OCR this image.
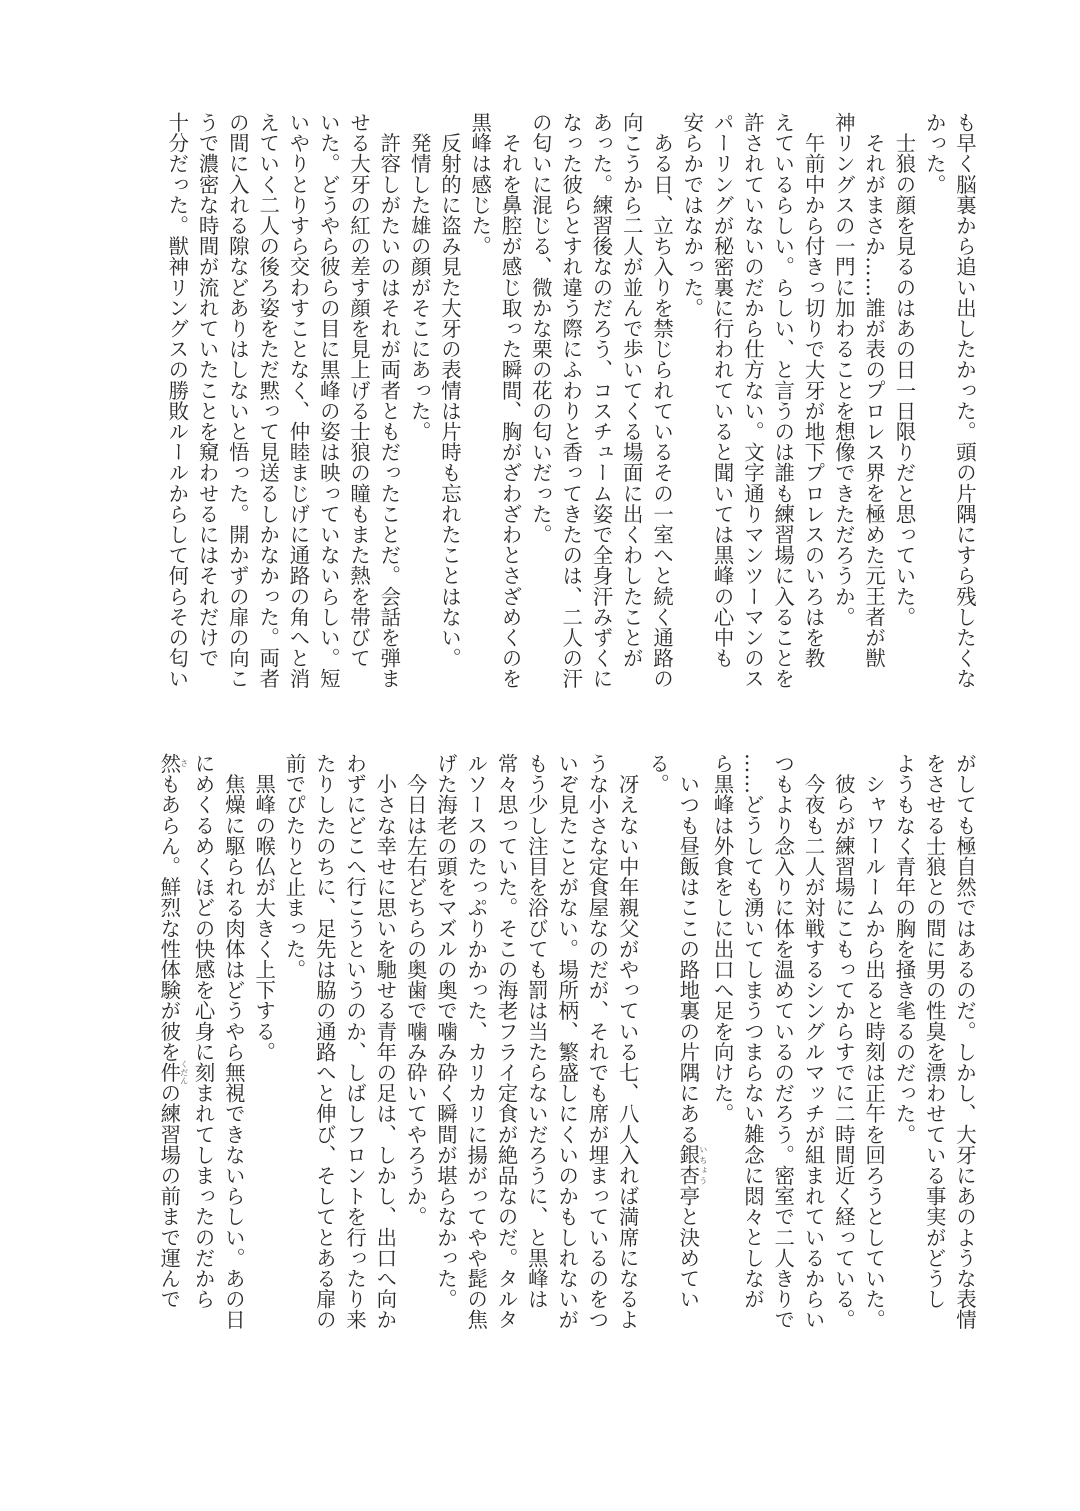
も早く脳裏から追い出したかった。頭の片隅にすら残したくな
かった。
　士狼の顔を見るのはあの日一日限りだと思っていた。
　それがまさか……誰が表のプロレス界を極めた元王者が獣
神リングスの一門に加わることを想像できただろうか。
　午前中から付きっ切りで大牙が地下プロレスのいろはを教
えているらしい。らしい、と言うのは誰も練習場に入ることを
許されていないのだから仕方ない。文字通りマンツーマンのス
パーリングが秘密裏に行われていると聞いては黒峰の心中も
安らかではなかった。
　ある日、立ち入りを禁じられているその一室へと続く通路の
向こうから二人が並んで歩いてくる場面に出くわしたことが
あった。練習後なのだろう、コスチューム姿で全身汗みずくに
なった彼らとすれ違う際にふわりと香ってきたのは、二人の汗
の匂いに混じる、微かな栗の花の匂いだった。
　それを鼻腔が感じ取った瞬間、胸がざわざわとさざめくのを
黒峰は感じた。
　反射的に盗み見た大牙の表情は片時も忘れたことはない。
　発情した雄の顔がそこにあった。
　許容しがたいのはそれが両者ともだったことだ。会話を弾ま
せる大牙の紅の差す顔を見上げる士狼の瞳もまた熱を帯びて
いた。どうやら彼らの目に黒峰の姿は映っていないらしい。短
いやりとりすら交わすことなく、仲睦まじげに通路の角へと消
えていく二人の後ろ姿をただ黙って見送るしかなかった。両者
の間に入れる隙などありはしないと悟った。開かずの扉の向こ
うで濃密な時間が流れていたことを窺わせるにはそれだけで
十分だった。獣神リングスの勝敗ルールからして何らその匂い
がしても極自然ではあるのだ。しかし、大牙にあのような表情
をさせる士狼との間に男の性臭を漂わせている事実がどうし
ようもなく青年の胸を掻き毟るのだった。
　シャワールームから出ると時刻は正午を回ろうとしていた。
　彼らが練習場にこもってからすでに二時間近く経っている。
　今夜も二人が対戦するシングルマッチが組まれているからい
つもより念入りに体を温めているのだろう。密室で二人きりで
……どうしても湧いてしまうつまらない雑念に悶々としなが
ら黒峰は外食をしに出口へ足を向けた。
　いつも昼飯はここの路地裏の片隅にある銀杏いちょう亭と決めてい
る。
　冴えない中年親父がやっている七、八人入れば満席になるよ
うな小さな定食屋なのだが、それでも席が埋まっているのをつ
いぞ見たことがない。場所柄、繁盛しにくいのかもしれないが
もう少し注目を浴びても罰は当たらないだろうに、と黒峰は
常々思っていた。そこの海老フライ定食が絶品なのだ。タルタ
ルソースのたっぷりかかった、カリカリに揚がってやや髭の焦
げた海老の頭をマズルの奥で噛み砕く瞬間が堪らなかった。
　今日は左右どちらの奥歯で噛み砕いてやろうか。
　小さな幸せに思いを馳せる青年の足は、しかし、出口へ向か
わずにどこへ行こうというのか、しばしフロントを行ったり来
たりしたのちに、足先は脇の通路へと伸び、そしてとある扉の
前でぴたりと止まった。
　黒峰の喉仏が大きく上下する。
　焦燥に駆られる肉体はどうやら無視できないらしい。あの日
にめくるめくほどの快感を心身に刻まれてしまったのだから
然さもあらん。鮮烈な性体験が彼を件くだんの練習場の前まで運んで
